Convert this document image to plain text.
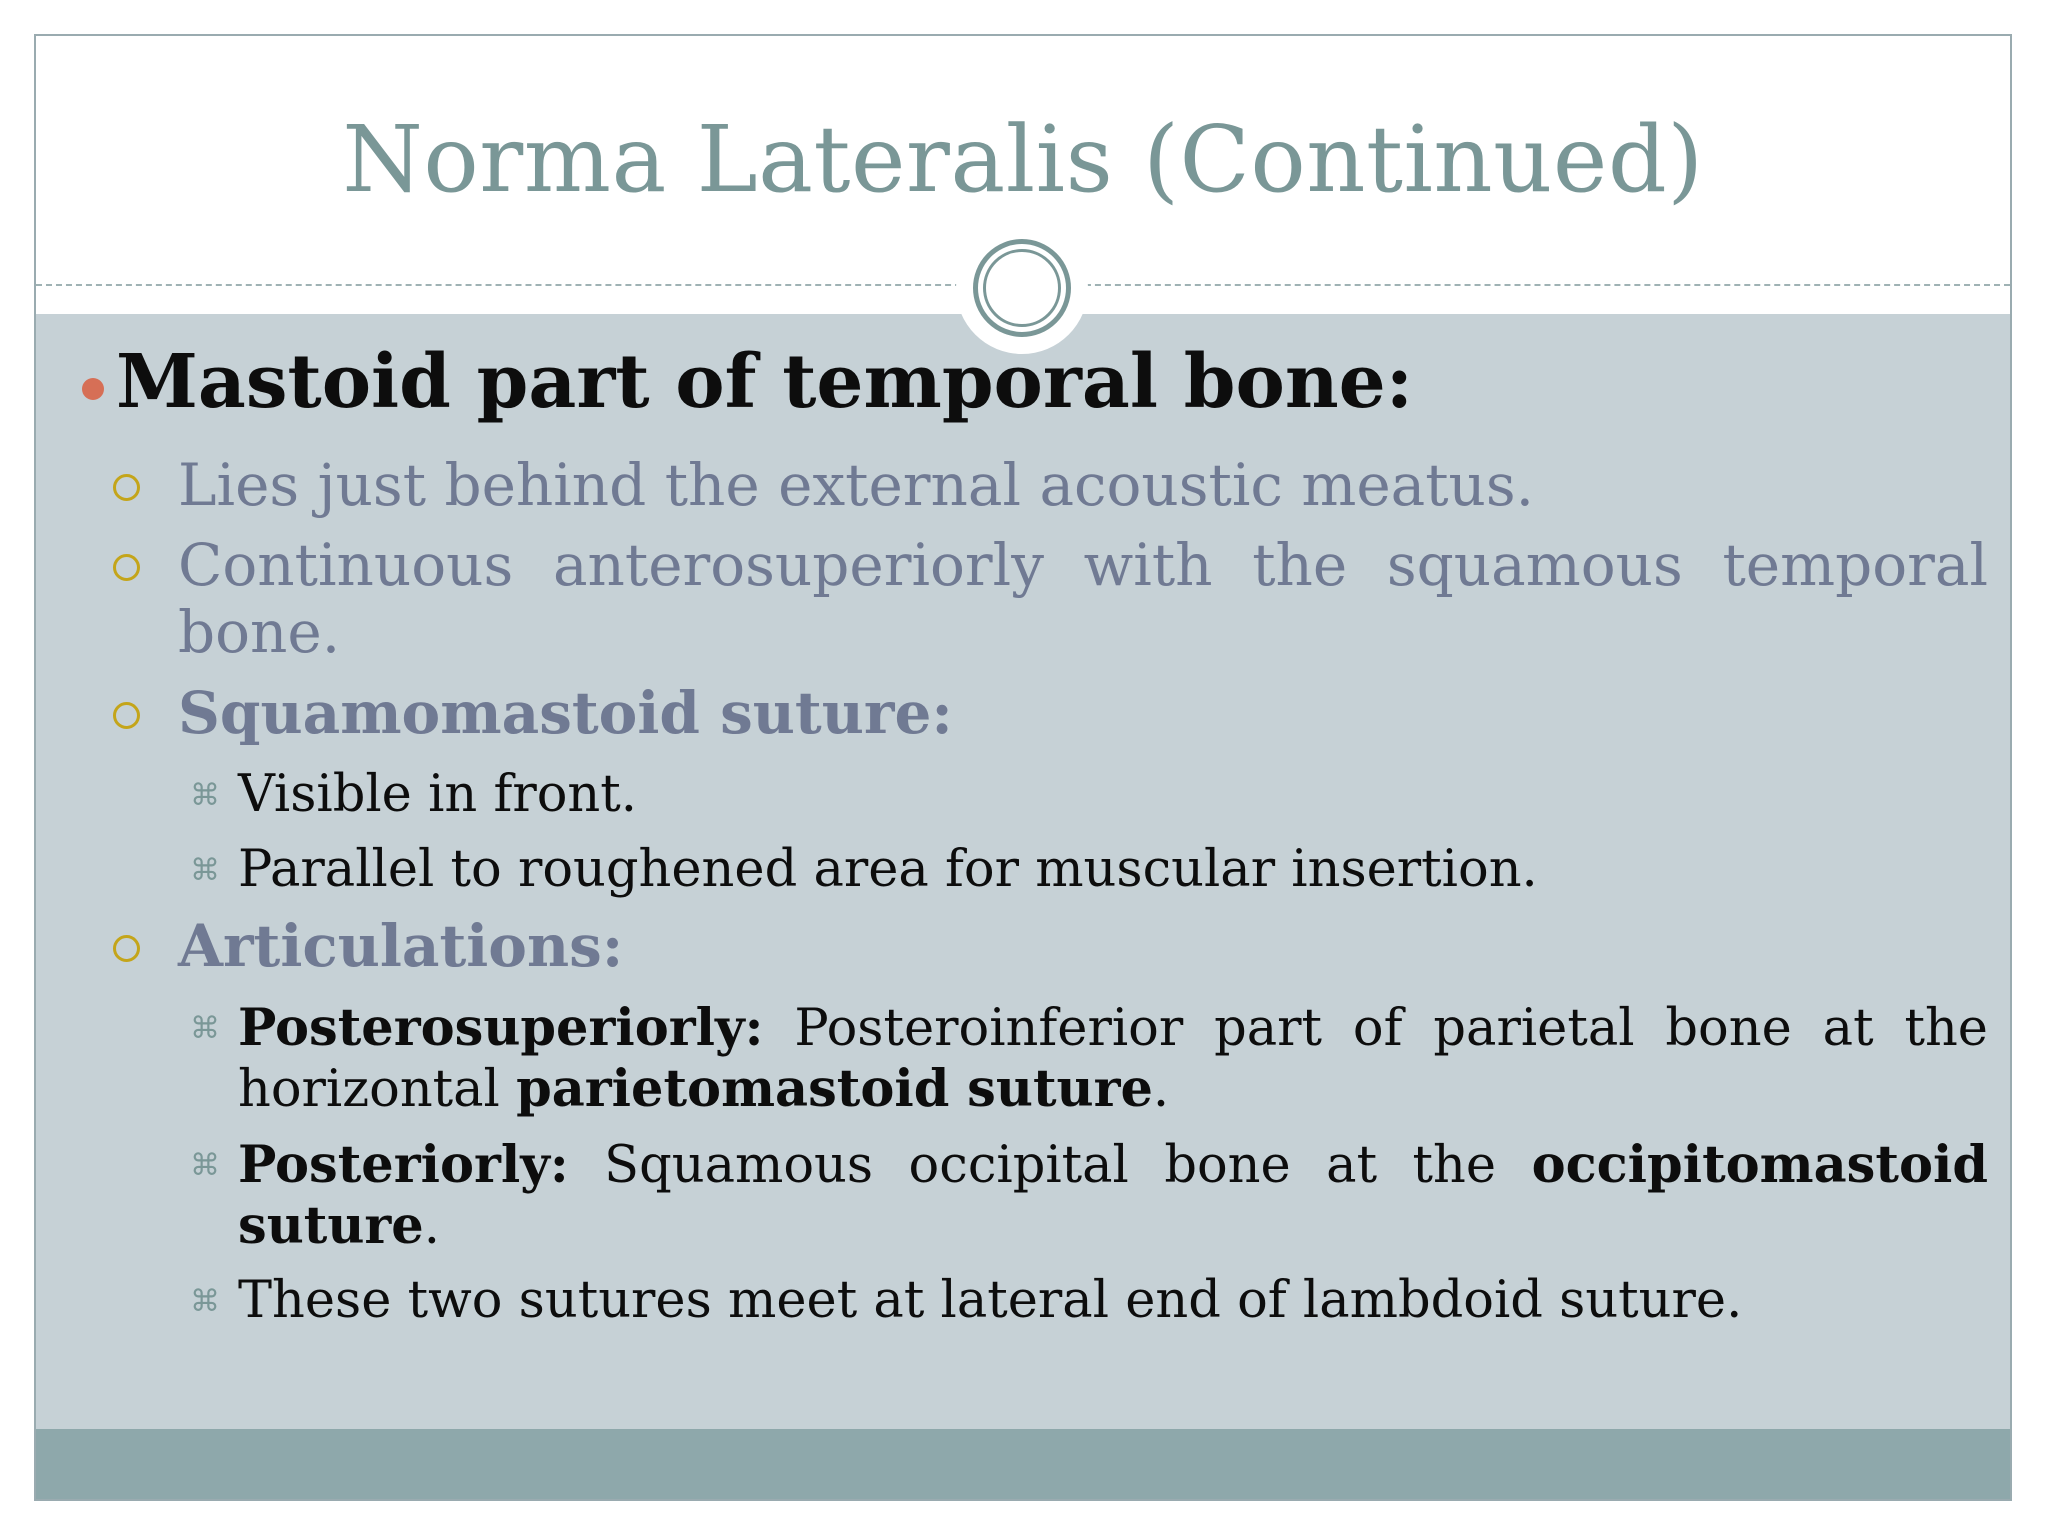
Norma Lateralis (Continued)
Mastoid part of temporal bone:
Lies just behind the external acoustic meatus.
Continuous anterosuperiorly with the squamous temporal bone.
Squamomastoid suture:
⌘ Visible in front.
⌘ Parallel to roughened area for muscular insertion.
Articulations:
⌘ Posterosuperiorly: Posteroinferior part of parietal bone at the horizontal parietomastoid suture.
⌘ Posteriorly: Squamous occipital bone at the occipitomastoid suture.
⌘ These two sutures meet at lateral end of lambdoid suture.
